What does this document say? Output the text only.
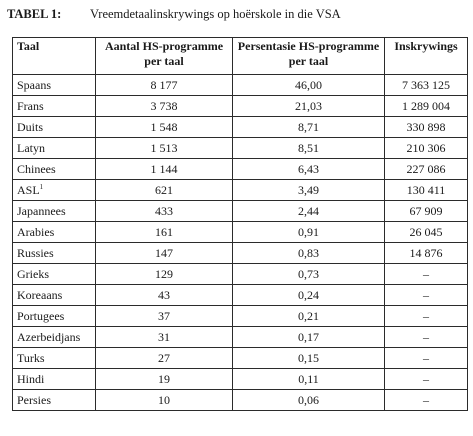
TABEL 1: Vreemdetaalinskrywings op hoërskole in die VSA
Taal	Aantal HS-programme per taal	Persentasie HS-programme per taal	Inskrywings
Spaans	8 177	46,00	7 363 125
Frans	3 738	21,03	1 289 004
Duits	1 548	8,71	330 898
Latyn	1 513	8,51	210 306
Chinees	1 144	6,43	227 086
ASL$^1$	621	3,49	130 411
Japannees	433	2,44	67 909
Arabies	161	0,91	26 045
Russies	147	0,83	14 876
Grieks	129	0,73	–
Koreaans	43	0,24	–
Portugees	37	0,21	–
Azerbeidjans	31	0,17	–
Turks	27	0,15	–
Hindi	19	0,11	–
Persies	10	0,06	–
